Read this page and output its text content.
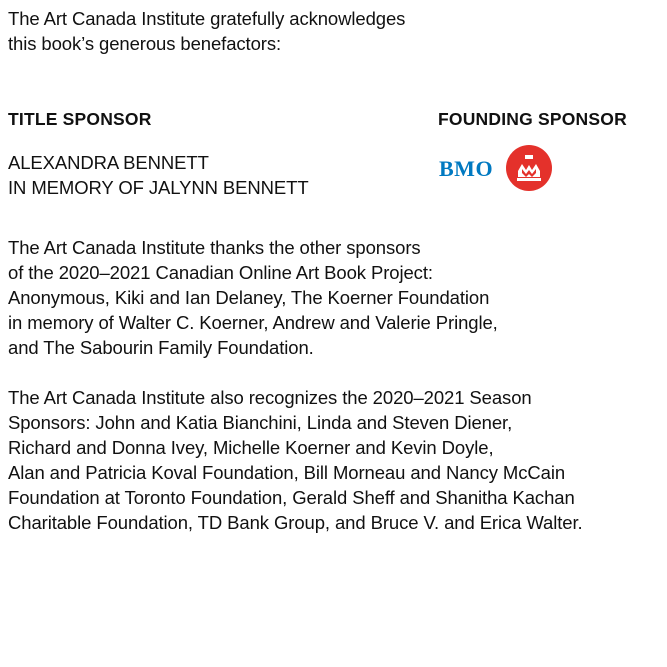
The Art Canada Institute gratefully acknowledges
this book’s generous benefactors:

TITLE SPONSOR	FOUNDING SPONSOR

ALEXANDRA BENNETT
IN MEMORY OF JALYNN BENNETT

BMO

The Art Canada Institute thanks the other sponsors
of the 2020–2021 Canadian Online Art Book Project:
Anonymous, Kiki and Ian Delaney, The Koerner Foundation
in memory of Walter C. Koerner, Andrew and Valerie Pringle,
and The Sabourin Family Foundation.

The Art Canada Institute also recognizes the 2020–2021 Season
Sponsors: John and Katia Bianchini, Linda and Steven Diener,
Richard and Donna Ivey, Michelle Koerner and Kevin Doyle,
Alan and Patricia Koval Foundation, Bill Morneau and Nancy McCain
Foundation at Toronto Foundation, Gerald Sheff and Shanitha Kachan
Charitable Foundation, TD Bank Group, and Bruce V. and Erica Walter.
